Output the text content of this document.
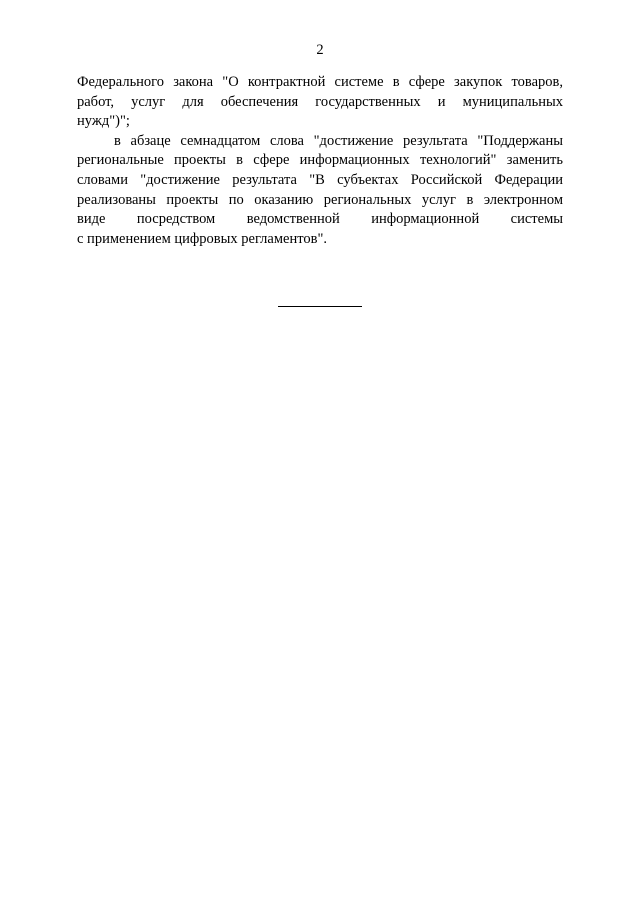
2
Федерального закона "О контрактной системе в сфере закупок товаров,
работ, услуг для обеспечения государственных и муниципальных
нужд")";
в абзаце семнадцатом слова "достижение результата "Поддержаны
региональные проекты в сфере информационных технологий" заменить
словами "достижение результата "В субъектах Российской Федерации
реализованы проекты по оказанию региональных услуг в электронном
виде посредством ведомственной информационной системы
с применением цифровых регламентов".
